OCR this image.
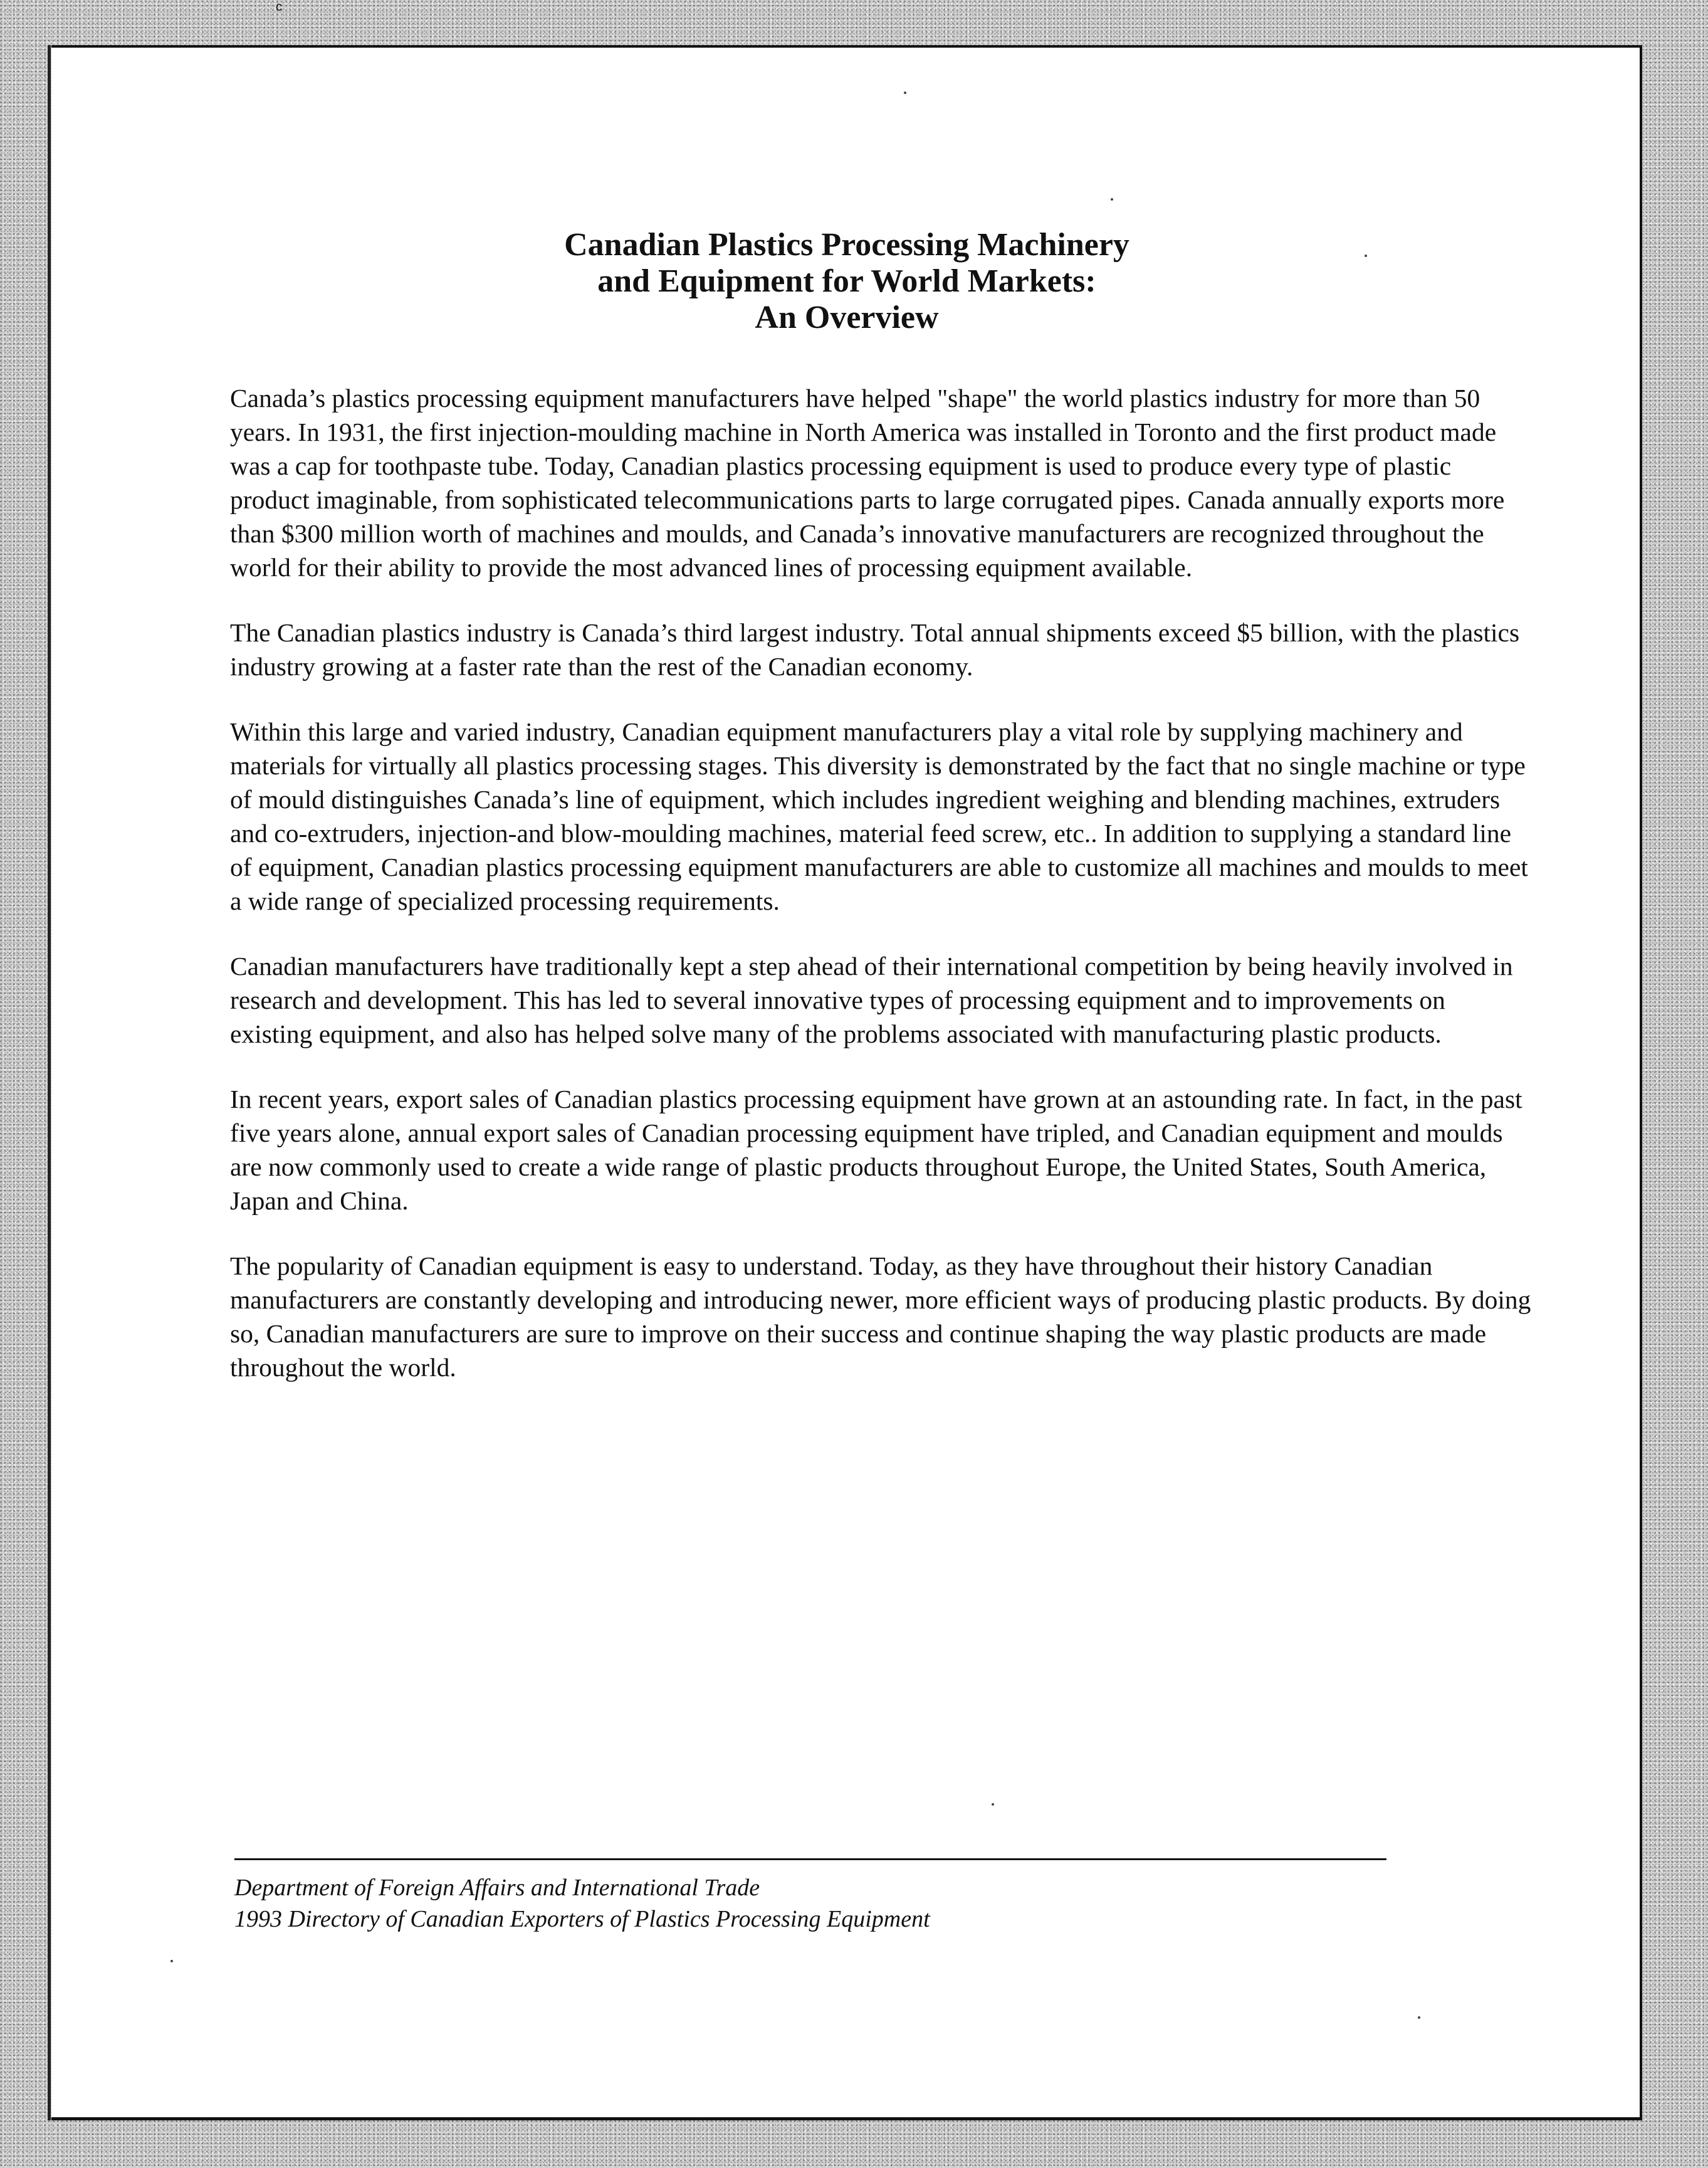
c
Canadian Plastics Processing Machinery
and Equipment for World Markets:
An Overview

Canada’s plastics processing equipment manufacturers have helped "shape" the world plastics industry for more than 50 years. In 1931, the first injection-moulding machine in North America was installed in Toronto and the first product made was a cap for toothpaste tube. Today, Canadian plastics processing equipment is used to produce every type of plastic product imaginable, from sophisticated telecommunications parts to large corrugated pipes. Canada annually exports more than $300 million worth of machines and moulds, and Canada’s innovative manufacturers are recognized throughout the world for their ability to provide the most advanced lines of processing equipment available.

The Canadian plastics industry is Canada’s third largest industry. Total annual shipments exceed $5 billion, with the plastics industry growing at a faster rate than the rest of the Canadian economy.

Within this large and varied industry, Canadian equipment manufacturers play a vital role by supplying machinery and materials for virtually all plastics processing stages. This diversity is demonstrated by the fact that no single machine or type of mould distinguishes Canada’s line of equipment, which includes ingredient weighing and blending machines, extruders and co-extruders, injection-and blow-moulding machines, material feed screw, etc.. In addition to supplying a standard line of equipment, Canadian plastics processing equipment manufacturers are able to customize all machines and moulds to meet a wide range of specialized processing requirements.

Canadian manufacturers have traditionally kept a step ahead of their international competition by being heavily involved in research and development. This has led to several innovative types of processing equipment and to improvements on existing equipment, and also has helped solve many of the problems associated with manufacturing plastic products.

In recent years, export sales of Canadian plastics processing equipment have grown at an astounding rate. In fact, in the past five years alone, annual export sales of Canadian processing equipment have tripled, and Canadian equipment and moulds are now commonly used to create a wide range of plastic products throughout Europe, the United States, South America, Japan and China.

The popularity of Canadian equipment is easy to understand. Today, as they have throughout their history Canadian manufacturers are constantly developing and introducing newer, more efficient ways of producing plastic products. By doing so, Canadian manufacturers are sure to improve on their success and continue shaping the way plastic products are made throughout the world.

Department of Foreign Affairs and International Trade
1993 Directory of Canadian Exporters of Plastics Processing Equipment
